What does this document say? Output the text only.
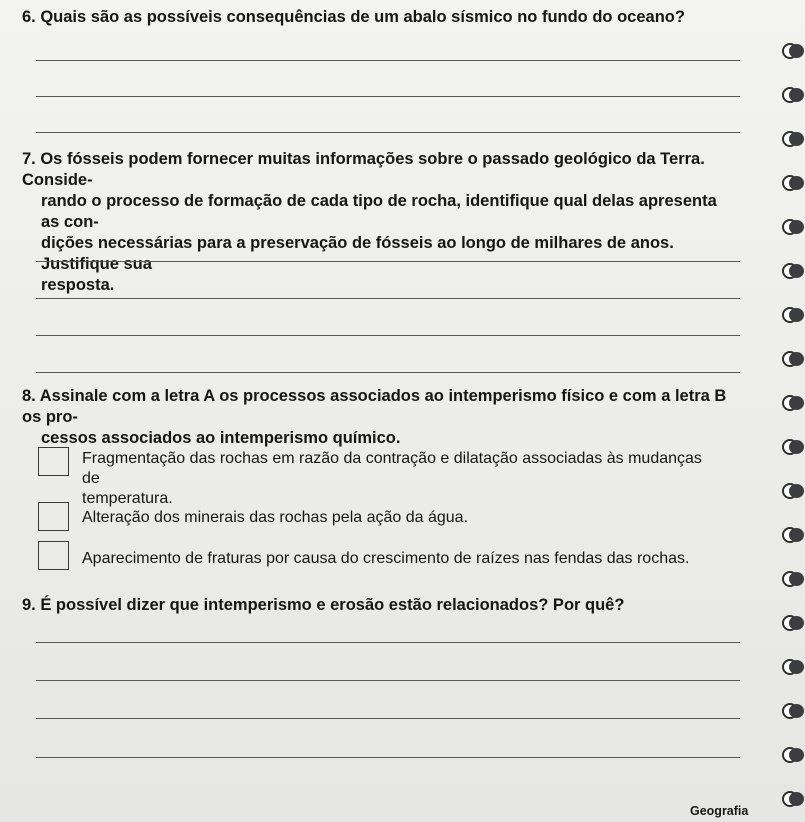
6. Quais são as possíveis consequências de um abalo sísmico no fundo do oceano?
7. Os fósseis podem fornecer muitas informações sobre o passado geológico da Terra. Conside-
rando o processo de formação de cada tipo de rocha, identifique qual delas apresenta as con-
dições necessárias para a preservação de fósseis ao longo de milhares de anos. Justifique sua
resposta.
8. Assinale com a letra A os processos associados ao intemperismo físico e com a letra B os pro-
cessos associados ao intemperismo químico.
Fragmentação das rochas em razão da contração e dilatação associadas às mudanças de
temperatura.
Alteração dos minerais das rochas pela ação da água.
Aparecimento de fraturas por causa do crescimento de raízes nas fendas das rochas.
9. É possível dizer que intemperismo e erosão estão relacionados? Por quê?
Geografia
